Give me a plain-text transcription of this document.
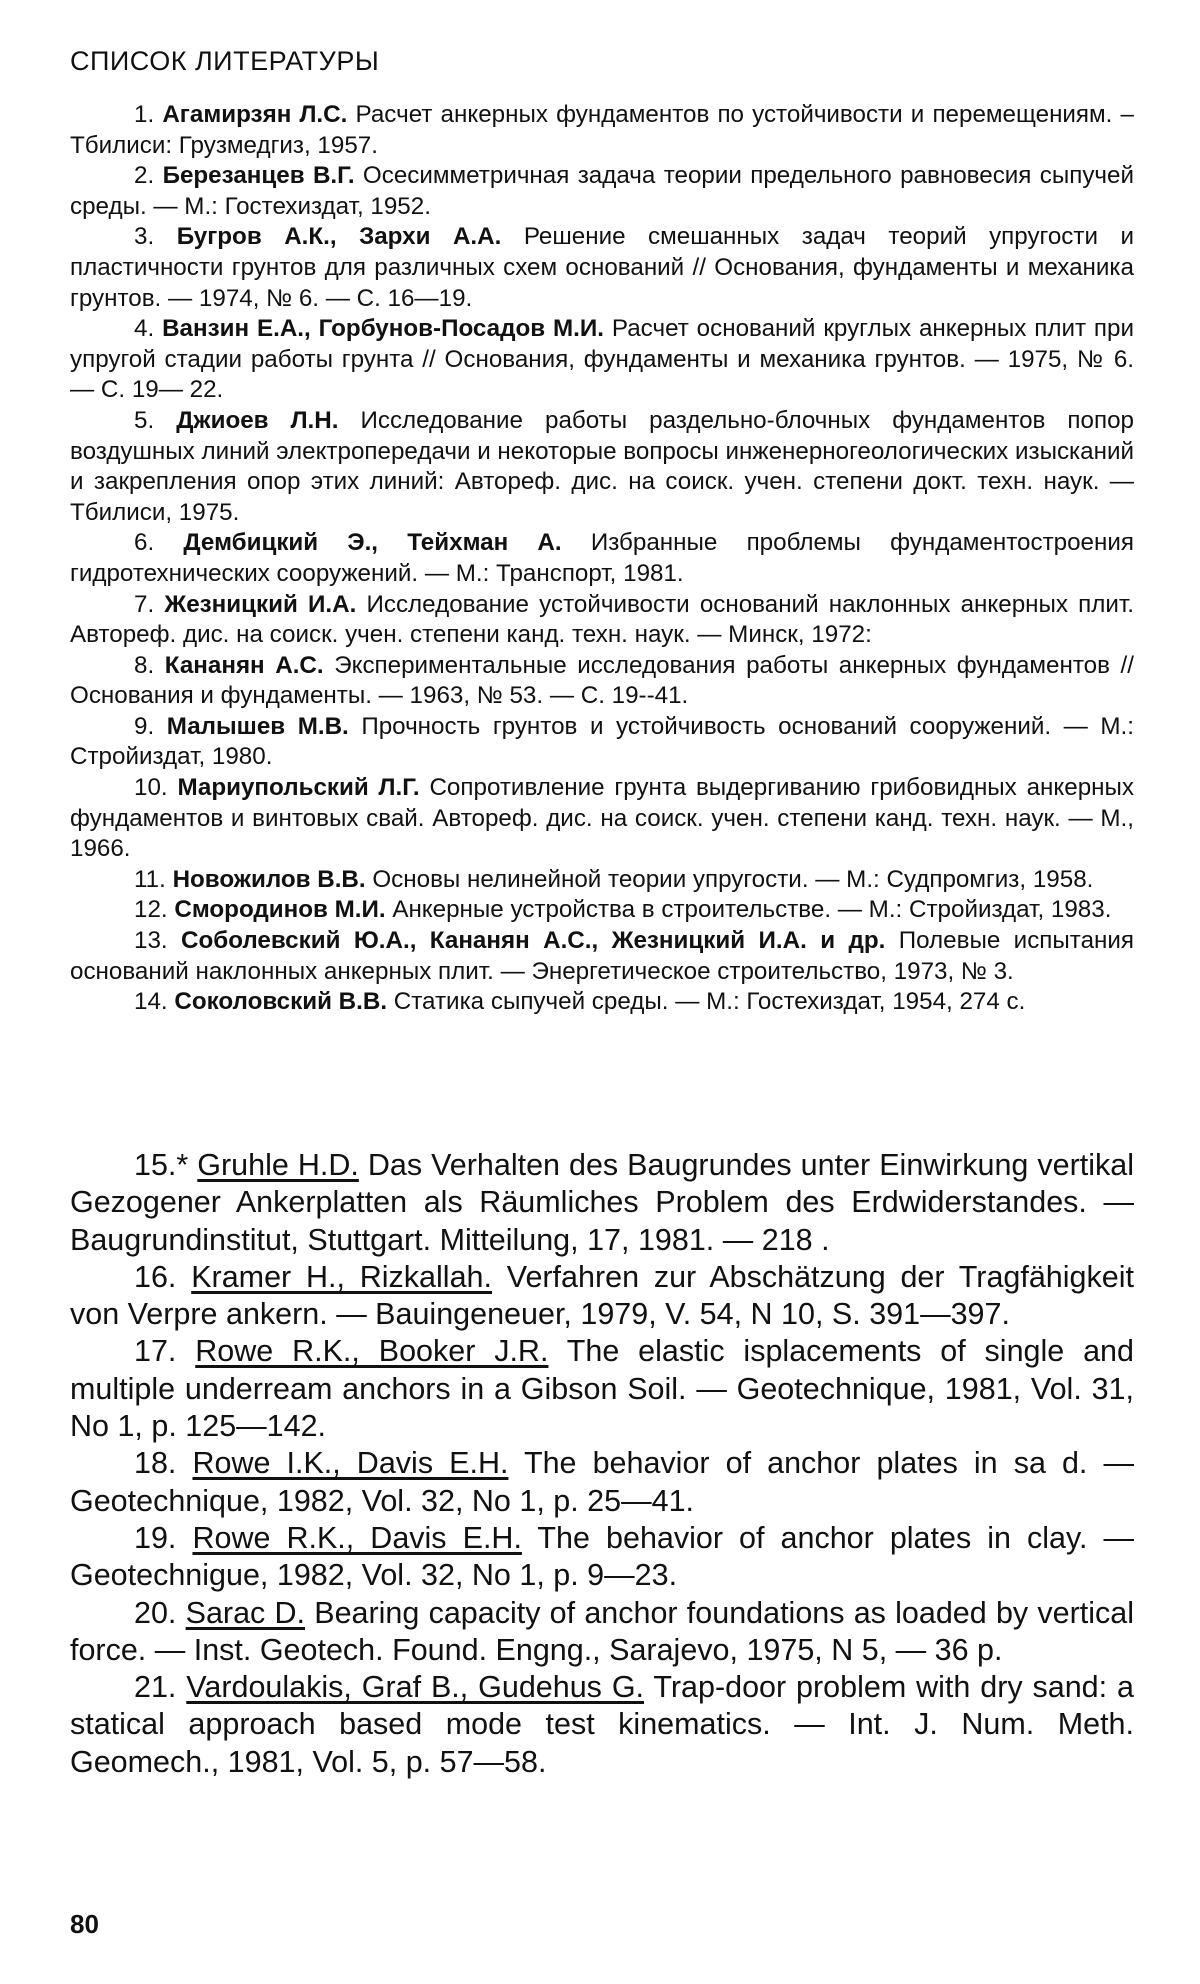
СПИСОК ЛИТЕРАТУРЫ

1. Агамирзян Л.С. Расчет анкерных фундаментов по устойчивости и перемещениям. – Тбилиси: Грузмедгиз, 1957.

2. Березанцев В.Г. Осесимметричная задача теории предельного равновесия сыпучей среды. — М.: Гостехиздат, 1952.

3. Бугров А.К., Зархи А.А. Решение смешанных задач теорий упругости и пластичности грунтов для различных схем оснований // Основания, фундаменты и механика грунтов. — 1974, № 6. — С. 16—19.

4. Ванзин Е.А., Горбунов-Посадов М.И. Расчет оснований круглых анкерных плит при упругой стадии работы грунта // Основания, фундаменты и механика грунтов. — 1975, № 6. — С. 19— 22.

5. Джиоев Л.Н. Исследование работы раздельно-блочных фундаментов попор воздушных линий электропередачи и некоторые вопросы инженерногеологических изысканий и закрепления опор этих линий: Автореф. дис. на соиск. учен. степени докт. техн. наук. — Тбилиси, 1975.

6. Дембицкий Э., Тейхман А. Избранные проблемы фундаментостроения гидротехнических сооружений. — М.: Транспорт, 1981.

7. Жезницкий И.А. Исследование устойчивости оснований наклонных анкерных плит. Автореф. дис. на соиск. учен. степени канд. техн. наук. — Минск, 1972:

8. Кананян А.С. Экспериментальные исследования работы анкерных фундаментов // Основания и фундаменты. — 1963, № 53. — С. 19--41.

9. Малышев М.В. Прочность грунтов и устойчивость оснований сооружений. — М.: Стройиздат, 1980.

10. Мариупольский Л.Г. Сопротивление грунта выдергиванию грибовидных анкерных фундаментов и винтовых свай. Автореф. дис. на соиск. учен. степени канд. техн. наук. — М., 1966.

11. Новожилов В.В. Основы нелинейной теории упругости. — М.: Судпромгиз, 1958.

12. Смородинов М.И. Анкерные устройства в строительстве. — М.: Стройиздат, 1983.

13. Соболевский Ю.А., Кананян А.С., Жезницкий И.А. и др. Полевые испытания оснований наклонных анкерных плит. — Энергетическое строительство, 1973, № 3.

14. Соколовский В.В. Статика сыпучей среды. — М.: Гостехиздат, 1954, 274 с.

15.* Gruhle H.D. Das Verhalten des Baugrundes unter Einwirkung vertikal Gezogener Ankerplatten als Räumliches Problem des Erdwiderstandes. — Baugrundinstitut, Stuttgart. Mitteilung, 17, 1981. — 218 .

16. Kramer H., Rizkallah. Verfahren zur Abschätzung der Tragfähigkeit von Verpre ankern. — Bauingeneuer, 1979, V. 54, N 10, S. 391—397.

17. Rowe R.K., Booker J.R. The elastic isplacements of single and multiple underream anchors in a Gibson Soil. — Geotechnique, 1981, Vol. 31, No 1, p. 125—142.

18. Rowe I.K., Davis E.H. The behavior of anchor plates in sa d. — Geotechnique, 1982, Vol. 32, No 1, p. 25—41.

19. Rowe R.K., Davis E.H. The behavior of anchor plates in clay. — Geotechnigue, 1982, Vol. 32, No 1, p. 9—23.

20. Sarac D. Bearing capacity of anchor foundations as loaded by vertical force. — Inst. Geotech. Found. Engng., Sarajevo, 1975, N 5, — 36 p.

21. Vardoulakis, Graf B., Gudehus G. Trap-door problem with dry sand: a statical approach based mode test kinematics. — Int. J. Num. Meth. Geomech., 1981, Vol. 5, p. 57—58.

80
